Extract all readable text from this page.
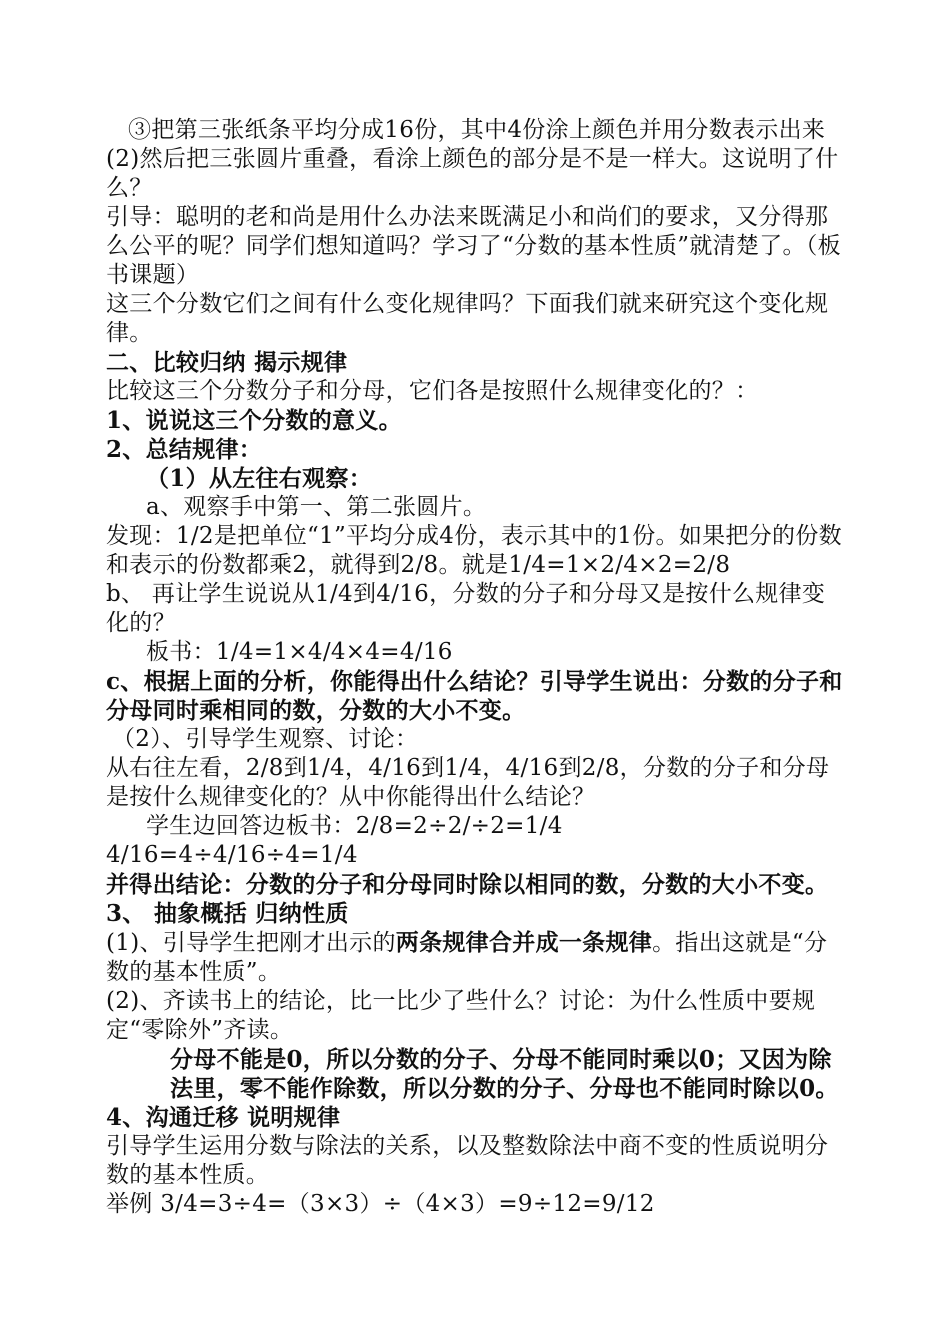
③把第三张纸条平均分成16份，其中4份涂上颜色并用分数表示出来

(2)然后把三张圆片重叠，看涂上颜色的部分是不是一样大。这说明了什么？

引导：聪明的老和尚是用什么办法来既满足小和尚们的要求，又分得那么公平的呢？同学们想知道吗？学习了“分数的基本性质”就清楚了。（板书课题）

这三个分数它们之间有什么变化规律吗？下面我们就来研究这个变化规律。

二、比较归纳 揭示规律

比较这三个分数分子和分母，它们各是按照什么规律变化的？：

1、说说这三个分数的意义。

2、总结规律：

（1）从左往右观察：

a、观察手中第一、第二张圆片。

发现：1/2是把单位“1”平均分成4份，表示其中的1份。如果把分的份数和表示的份数都乘2，就得到2/8。就是1/4=1×2/4×2=2/8

b、 再让学生说说从1/4到4/16，分数的分子和分母又是按什么规律变化的？

板书：1/4=1×4/4×4=4/16

c、根据上面的分析，你能得出什么结论？引导学生说出：分数的分子和分母同时乘相同的数，分数的大小不变。

（2）、引导学生观察、讨论：

从右往左看，2/8到1/4，4/16到1/4，4/16到2/8，分数的分子和分母是按什么规律变化的？从中你能得出什么结论？

学生边回答边板书：2/8=2÷2/÷2=1/4

4/16=4÷4/16÷4=1/4

并得出结论：分数的分子和分母同时除以相同的数，分数的大小不变。

3、 抽象概括 归纳性质

(1)、引导学生把刚才出示的两条规律合并成一条规律。指出这就是“分数的基本性质”。

(2)、齐读书上的结论，比一比少了些什么？讨论：为什么性质中要规定“零除外”齐读。

分母不能是0，所以分数的分子、分母不能同时乘以0；又因为除法里，零不能作除数，所以分数的分子、分母也不能同时除以0。

4、沟通迁移 说明规律

引导学生运用分数与除法的关系，以及整数除法中商不变的性质说明分数的基本性质。

举例 3/4=3÷4=（3×3）÷（4×3）=9÷12=9/12
